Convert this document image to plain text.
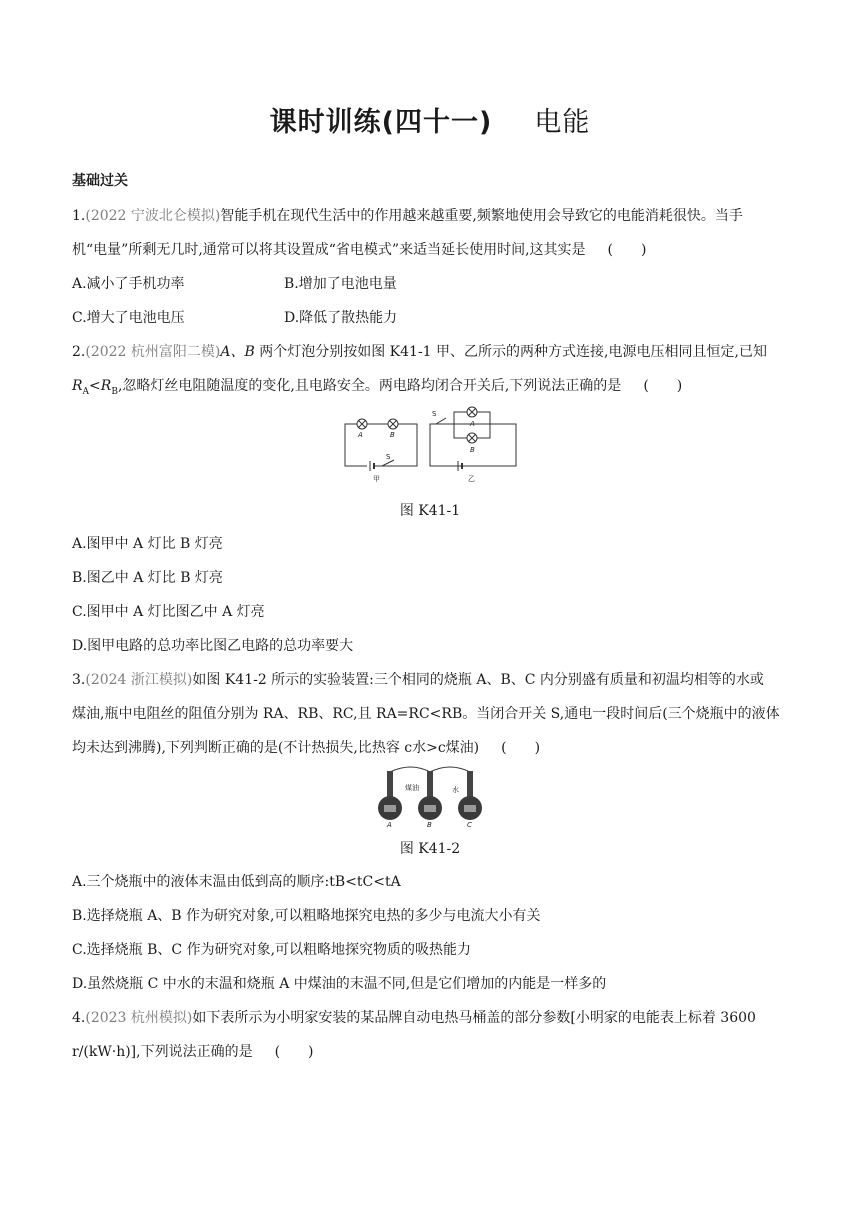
课时训练(四十一) 电能
基础过关
1.(2022 宁波北仑模拟)智能手机在现代生活中的作用越来越重要,频繁地使用会导致它的电能消耗很快。当手
机“电量”所剩无几时,通常可以将其设置成“省电模式”来适当延长使用时间,这其实是 (　　)
A.减小了手机功率	B.增加了电池电量
C.增大了电池电压	D.降低了散热能力
2.(2022 杭州富阳二模)A、B 两个灯泡分别按如图 K41-1 甲、乙所示的两种方式连接,电源电压相同且恒定,已知
$R_A<R_B$,忽略灯丝电阻随温度的变化,且电路安全。两电路均闭合开关后,下列说法正确的是 (　　)
A	B
S
甲
S
A
B
乙
图 K41-1
A.图甲中 A 灯比 B 灯亮
B.图乙中 A 灯比 B 灯亮
C.图甲中 A 灯比图乙中 A 灯亮
D.图甲电路的总功率比图乙电路的总功率要大
3.(2024 浙江模拟)如图 K41-2 所示的实验装置:三个相同的烧瓶 A、B、C 内分别盛有质量和初温均相等的水或
煤油,瓶中电阻丝的阻值分别为 RA、RB、RC,且 RA=RC<RB。当闭合开关 S,通电一段时间后(三个烧瓶中的液体
均未达到沸腾),下列判断正确的是(不计热损失,比热容 c水>c煤油) (　　)
煤油	水
A	B	C
图 K41-2
A.三个烧瓶中的液体末温由低到高的顺序:tB<tC<tA
B.选择烧瓶 A、B 作为研究对象,可以粗略地探究电热的多少与电流大小有关
C.选择烧瓶 B、C 作为研究对象,可以粗略地探究物质的吸热能力
D.虽然烧瓶 C 中水的末温和烧瓶 A 中煤油的末温不同,但是它们增加的内能是一样多的
4.(2023 杭州模拟)如下表所示为小明家安装的某品牌自动电热马桶盖的部分参数[小明家的电能表上标着 3600
r/(kW·h)],下列说法正确的是 (　　)
